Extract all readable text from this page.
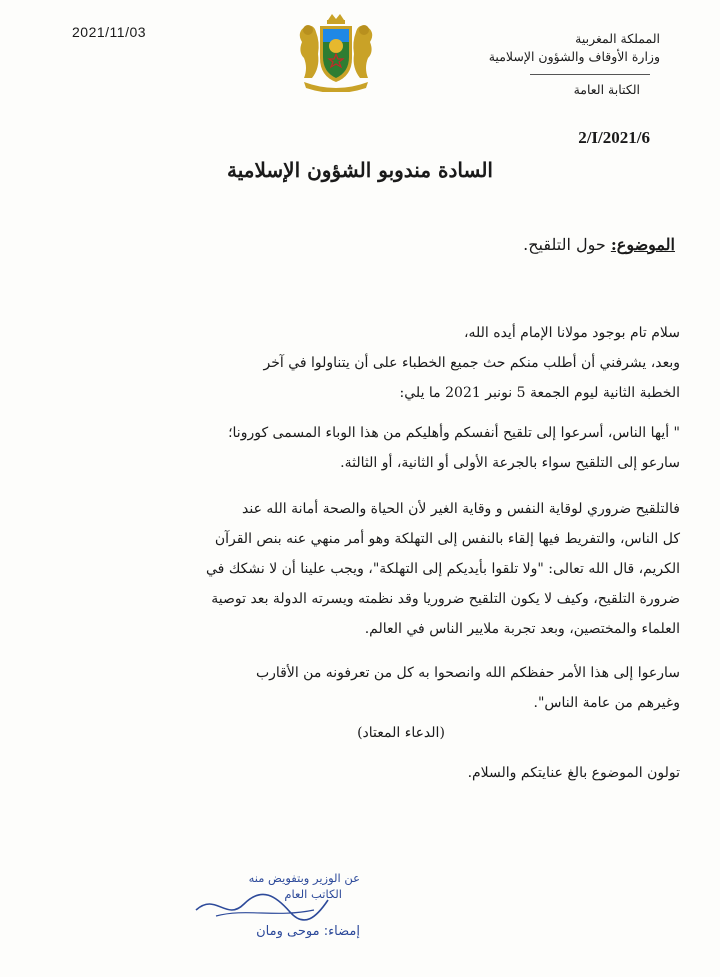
2021/11/03	المملكة المغربية
وزارة الأوقاف والشؤون الإسلامية
الكتابة العامة
2/I/2021/6
السادة مندوبو الشؤون الإسلامية
الموضوع: حول التلقيح.

سلام تام بوجود مولانا الإمام أيده الله،

وبعد، يشرفني أن أطلب منكم حث جميع الخطباء على أن يتناولوا في آخر

الخطبة الثانية ليوم الجمعة 5 نونبر 2021 ما يلي:

" أيها الناس، أسرعوا إلى تلقيح أنفسكم وأهليكم من هذا الوباء المسمى كورونا؛

سارعو إلى التلقيح سواء بالجرعة الأولى أو الثانية، أو الثالثة.

فالتلقيح ضروري لوقاية النفس و وقاية الغير لأن الحياة والصحة أمانة الله عند

كل الناس، والتفريط فيها إلقاء بالنفس إلى التهلكة وهو أمر منهي عنه بنص القرآن

الكريم، قال الله تعالى: "ولا تلقوا بأيديكم إلى التهلكة"، ويجب علينا أن لا نشكك في

ضرورة التلقيح، وكيف لا يكون التلقيح ضروريا وقد نظمته ويسرته الدولة بعد توصية

العلماء والمختصين، وبعد تجربة ملايير الناس في العالم.

سارعوا إلى هذا الأمر حفظكم الله وانصحوا به كل من تعرفونه من الأقارب

وغيرهم من عامة الناس".

(الدعاء المعتاد)

تولون الموضوع بالغ عنايتكم والسلام.

عن الوزير وبتفويض منه
الكاتب العام
إمضاء: موحى ومان
